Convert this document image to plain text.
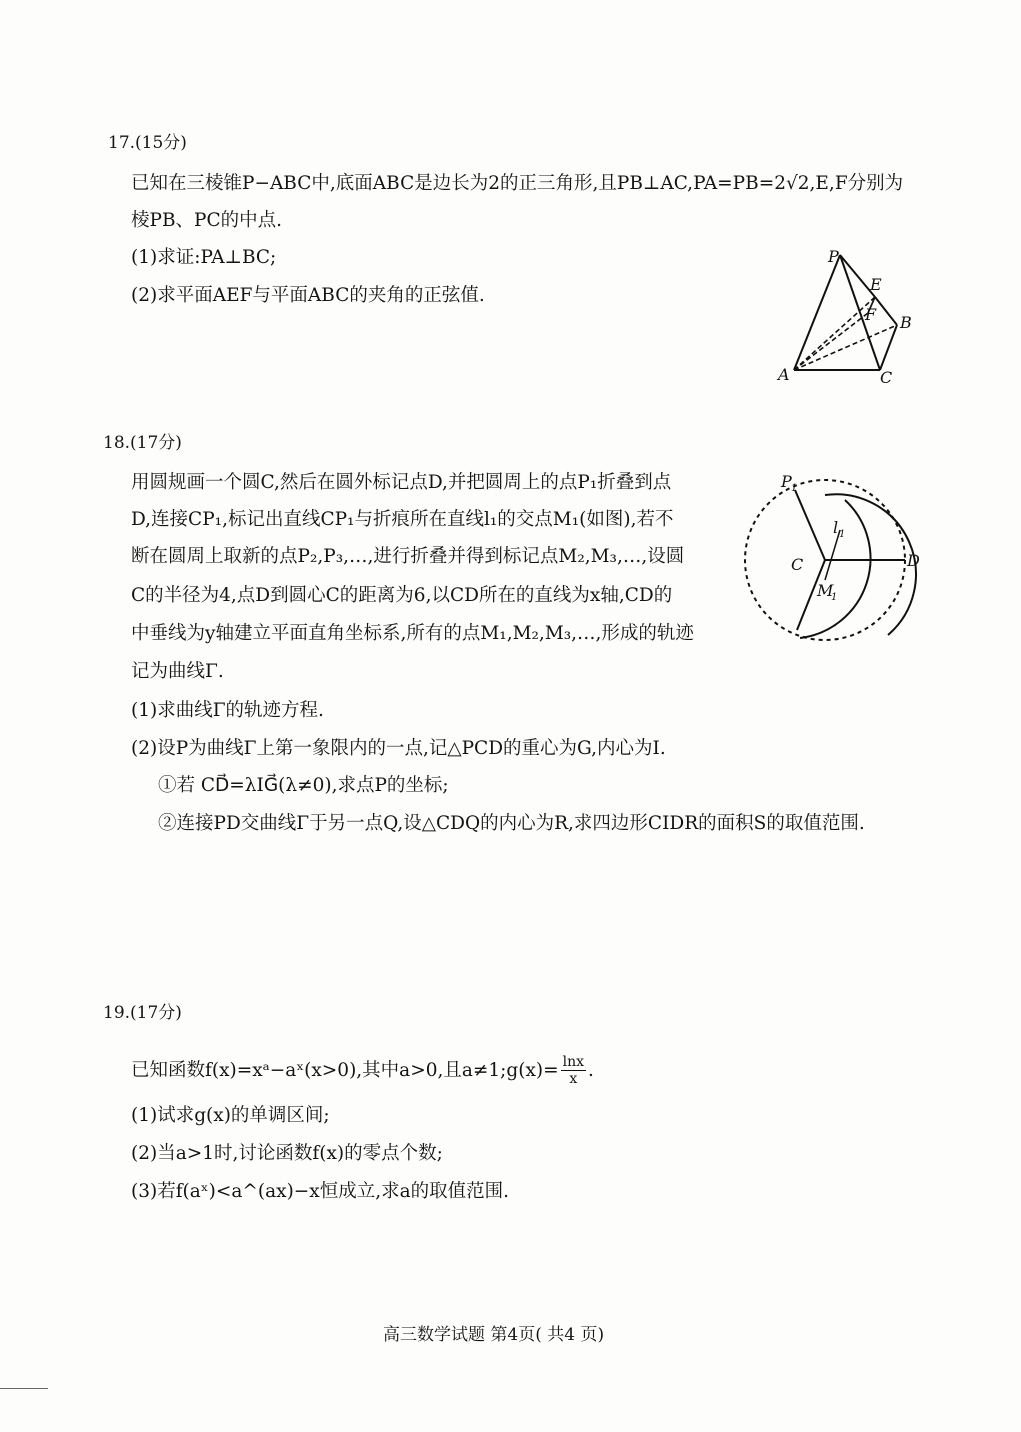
17.(15分)
已知在三棱锥P−ABC中,底面ABC是边长为2的正三角形,且PB⊥AC,PA=PB=2√2,E,F分别为
棱PB、PC的中点.
(1)求证:PA⊥BC;
(2)求平面AEF与平面ABC的夹角的正弦值.
P
E
F B
A	C
18.(17分)
用圆规画一个圆C,然后在圆外标记点D,并把圆周上的点P₁折叠到点
D,连接CP₁,标记出直线CP₁与折痕所在直线l₁的交点M₁(如图),若不
断在圆周上取新的点P₂,P₃,…,进行折叠并得到标记点M₂,M₃,…,设圆
C的半径为4,点D到圆心C的距离为6,以CD所在的直线为x轴,CD的
中垂线为y轴建立平面直角坐标系,所有的点M₁,M₂,M₃,…,形成的轨迹
记为曲线Γ.
(1)求曲线Γ的轨迹方程.
(2)设P为曲线Γ上第一象限内的一点,记△PCD的重心为G,内心为I.
①若 CD⃗=λIG⃗(λ≠0),求点P的坐标;
②连接PD交曲线Γ于另一点Q,设△CDQ的内心为R,求四边形CIDR的面积S的取值范围.
P 1
l 1
C	D
M
1
19.(17分)
已知函数f(x)=xᵃ−aˣ(x>0),其中a>0,且a≠1;g(x)= $\frac{\ln x}{x}$ .
(1)试求g(x)的单调区间;
(2)当a>1时,讨论函数f(x)的零点个数;
(3)若f(aˣ)<a^(ax)−x恒成立,求a的取值范围.
高三数学试题 第4页( 共4 页)
